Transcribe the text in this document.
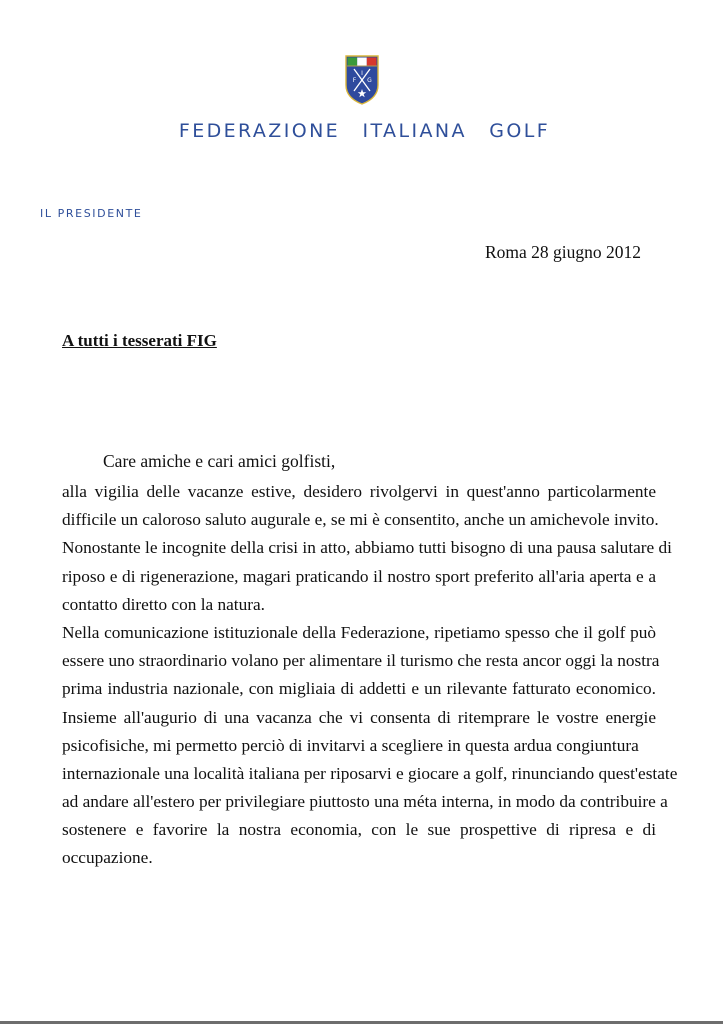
F
I
G
FEDERAZIONE ITALIANA GOLF
IL PRESIDENTE
Roma 28 giugno 2012
A tutti i tesserati FIG
Care amiche e cari amici golfisti,
alla vigilia delle vacanze estive, desidero rivolgervi in quest'anno particolarmente
difficile un caloroso saluto augurale e, se mi è consentito, anche un amichevole invito.
Nonostante le incognite della crisi in atto, abbiamo tutti bisogno di una pausa salutare di
riposo e di rigenerazione, magari praticando il nostro sport preferito all'aria aperta e a
contatto diretto con la natura.
Nella comunicazione istituzionale della Federazione, ripetiamo spesso che il golf può
essere uno straordinario volano per alimentare il turismo che resta ancor oggi la nostra
prima industria nazionale, con migliaia di addetti e un rilevante fatturato economico.
Insieme all'augurio di una vacanza che vi consenta di ritemprare le vostre energie
psicofisiche, mi permetto perciò di invitarvi a scegliere in questa ardua congiuntura
internazionale una località italiana per riposarvi e giocare a golf, rinunciando quest'estate
ad andare all'estero per privilegiare piuttosto una méta interna, in modo da contribuire a
sostenere e favorire la nostra economia, con le sue prospettive di ripresa e di
occupazione.
